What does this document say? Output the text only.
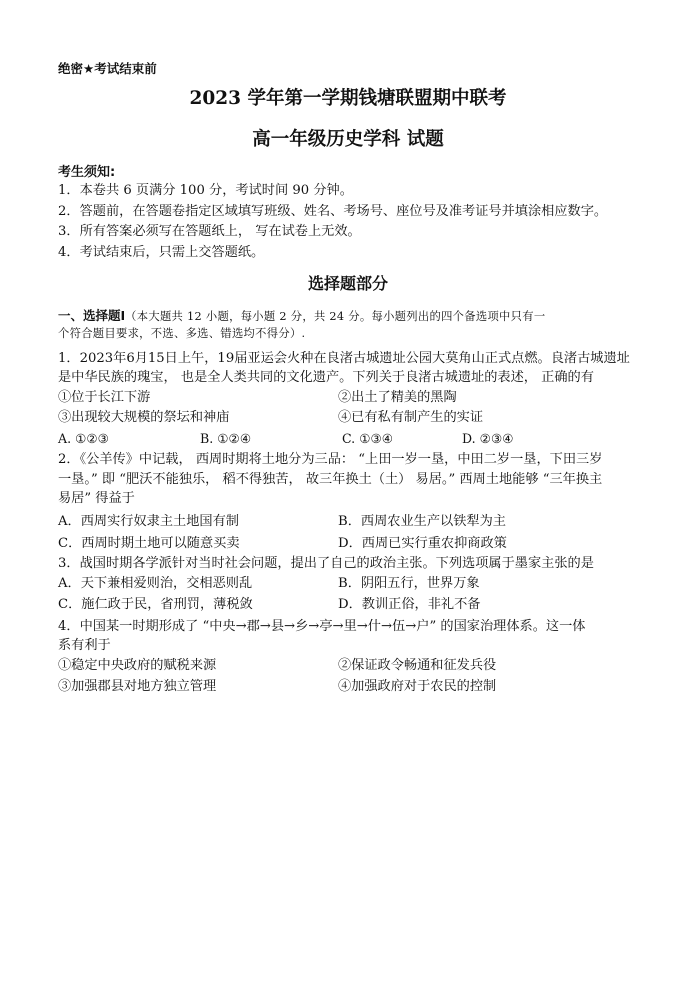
绝密★考试结束前
2023 学年第一学期钱塘联盟期中联考
高一年级历史学科 试题
考生须知:
1．本卷共 6 页满分 100 分，考试时间 90 分钟。
2．答题前，在答题卷指定区域填写班级、姓名、考场号、座位号及准考证号并填涂相应数字。
3．所有答案必须写在答题纸上， 写在试卷上无效。
4．考试结束后，只需上交答题纸。
选择题部分
一、选择题Ⅰ（本大题共 12 小题，每小题 2 分，共 24 分。每小题列出的四个备选项中只有一
个符合题目要求，不选、多选、错选均不得分）.
1．2023年6月15日上午，19届亚运会火种在良渚古城遗址公园大莫角山正式点燃。良渚古城遗址
是中华民族的瑰宝， 也是全人类共同的文化遗产。下列关于良渚古城遗址的表述， 正确的有
①位于长江下游	②出土了精美的黑陶
③出现较大规模的祭坛和神庙	④已有私有制产生的实证
A. ①②③	B. ①②④	C. ①③④	D. ②③④
2．《公羊传》中记载， 西周时期将土地分为三品： “上田一岁一垦，中田二岁一垦，下田三岁
一垦。” 即 “肥沃不能独乐， 稻不得独苦， 故三年换土（土） 易居。” 西周土地能够 “三年换主
易居” 得益于
A．西周实行奴隶主土地国有制	B．西周农业生产以铁犁为主
C．西周时期土地可以随意买卖	D．西周已实行重农抑商政策
3．战国时期各学派针对当时社会问题，提出了自己的政治主张。下列选项属于墨家主张的是
A．天下兼相爱则治，交相恶则乱	B．阴阳五行，世界万象
C．施仁政于民，省刑罚，薄税敛	D．教训正俗，非礼不备
4．中国某一时期形成了 “中央→郡→县→乡→亭→里→什→伍→户” 的国家治理体系。这一体
系有利于
①稳定中央政府的赋税来源	②保证政令畅通和征发兵役
③加强郡县对地方独立管理	④加强政府对于农民的控制
